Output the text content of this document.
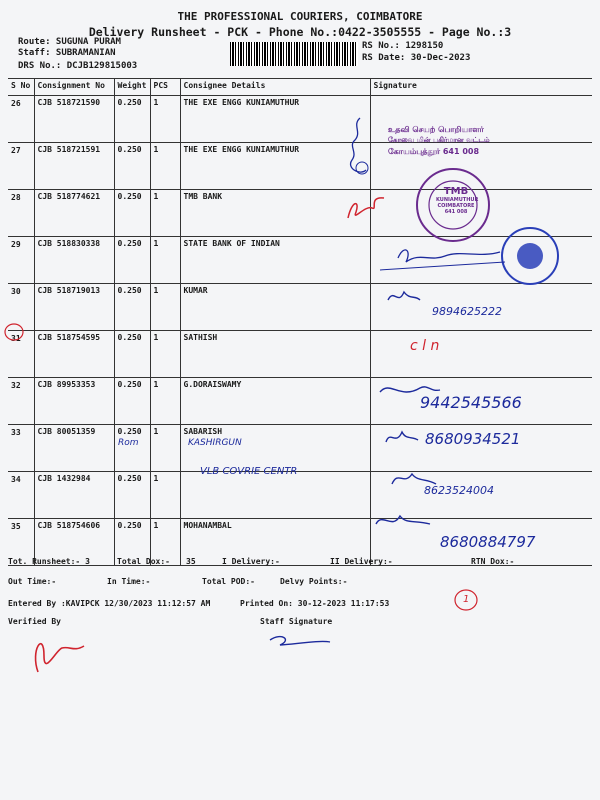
THE PROFESSIONAL COURIERS, COIMBATORE
Delivery Runsheet - PCK - Phone No.:0422-3505555 - Page No.:3
Route: SUGUNA PURAM
Staff: SUBRAMANIAN
DRS No.: DCJB129815003
RS No.: 1298150
RS Date: 30-Dec-2023
S No	Consignment No	Weight	PCS	Consignee Details	Signature
26	CJB 518721590	0.250	1	THE EXE ENGG KUNIAMUTHUR	
27	CJB 518721591	0.250	1	THE EXE ENGG KUNIAMUTHUR	
28	CJB 518774621	0.250	1	TMB BANK	
29	CJB 518830338	0.250	1	STATE BANK OF INDIAN	
30	CJB 518719013	0.250	1	KUMAR	
31	CJB 518754595	0.250	1	SATHISH	
32	CJB 89953353	0.250	1	G.DORAISWAMY	
33	CJB 80051359	0.250	1	SABARISH	
34	CJB 1432984	0.250	1		
35	CJB 518754606	0.250	1	MOHANAMBAL	
உதவி செயற் பொறியாளர்
கோவை மின் பகிர்மான வட்டம்
கோயம்புத்தூர் 641 008
TMB
KUNIAMUTHUR
COIMBATORE
641 008
9894625222
c l n
9442545566
8680934521
KASHIRGUN
Rom
VLB COVRIE CENTR
8623524004
8680884797
1
Tot. Runsheet:- 3	Total Dox:- 35	I Delivery:-	II Delivery:-	RTN Dox:-
Out Time:-	In Time:-	Total POD:-	Delvy Points:-
Entered By :KAVIPCK 12/30/2023 11:12:57 AM	Printed On: 30-12-2023 11:17:53
Verified By	Staff Signature
